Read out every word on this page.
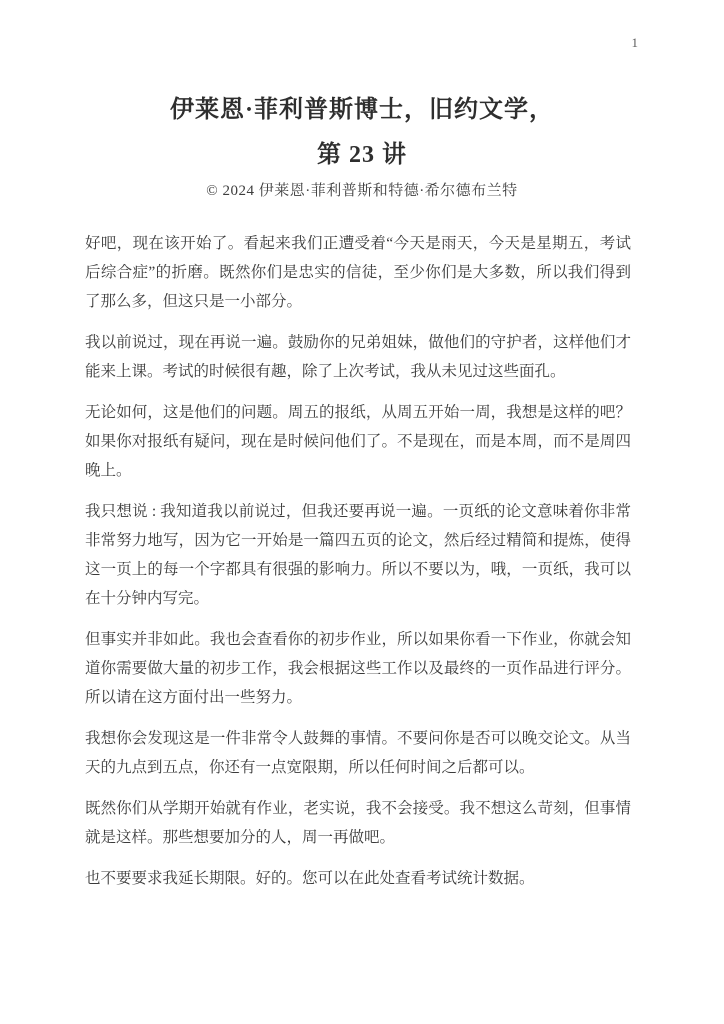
1
伊莱恩·菲利普斯博士，旧约文学，
第 23 讲
© 2024 伊莱恩·菲利普斯和特德·希尔德布兰特

好吧，现在该开始了。看起来我们正遭受着“今天是雨天，今天是星期五，考试后综合症”的折磨。既然你们是忠实的信徒，至少你们是大多数，所以我们得到了那么多，但这只是一小部分。

我以前说过，现在再说一遍。鼓励你的兄弟姐妹，做他们的守护者，这样他们才能来上课。考试的时候很有趣，除了上次考试，我从未见过这些面孔。

无论如何，这是他们的问题。周五的报纸，从周五开始一周，我想是这样的吧？如果你对报纸有疑问，现在是时候问他们了。不是现在，而是本周，而不是周四晚上。

我只想说 : 我知道我以前说过，但我还要再说一遍。一页纸的论文意味着你非常非常努力地写，因为它一开始是一篇四五页的论文，然后经过精简和提炼，使得这一页上的每一个字都具有很强的影响力。所以不要以为，哦，一页纸，我可以在十分钟内写完。

但事实并非如此。我也会查看你的初步作业，所以如果你看一下作业，你就会知道你需要做大量的初步工作，我会根据这些工作以及最终的一页作品进行评分。所以请在这方面付出一些努力。

我想你会发现这是一件非常令人鼓舞的事情。不要问你是否可以晚交论文。从当天的九点到五点，你还有一点宽限期，所以任何时间之后都可以。

既然你们从学期开始就有作业，老实说，我不会接受。我不想这么苛刻，但事情就是这样。那些想要加分的人，周一再做吧。

也不要要求我延长期限。好的。您可以在此处查看考试统计数据。
